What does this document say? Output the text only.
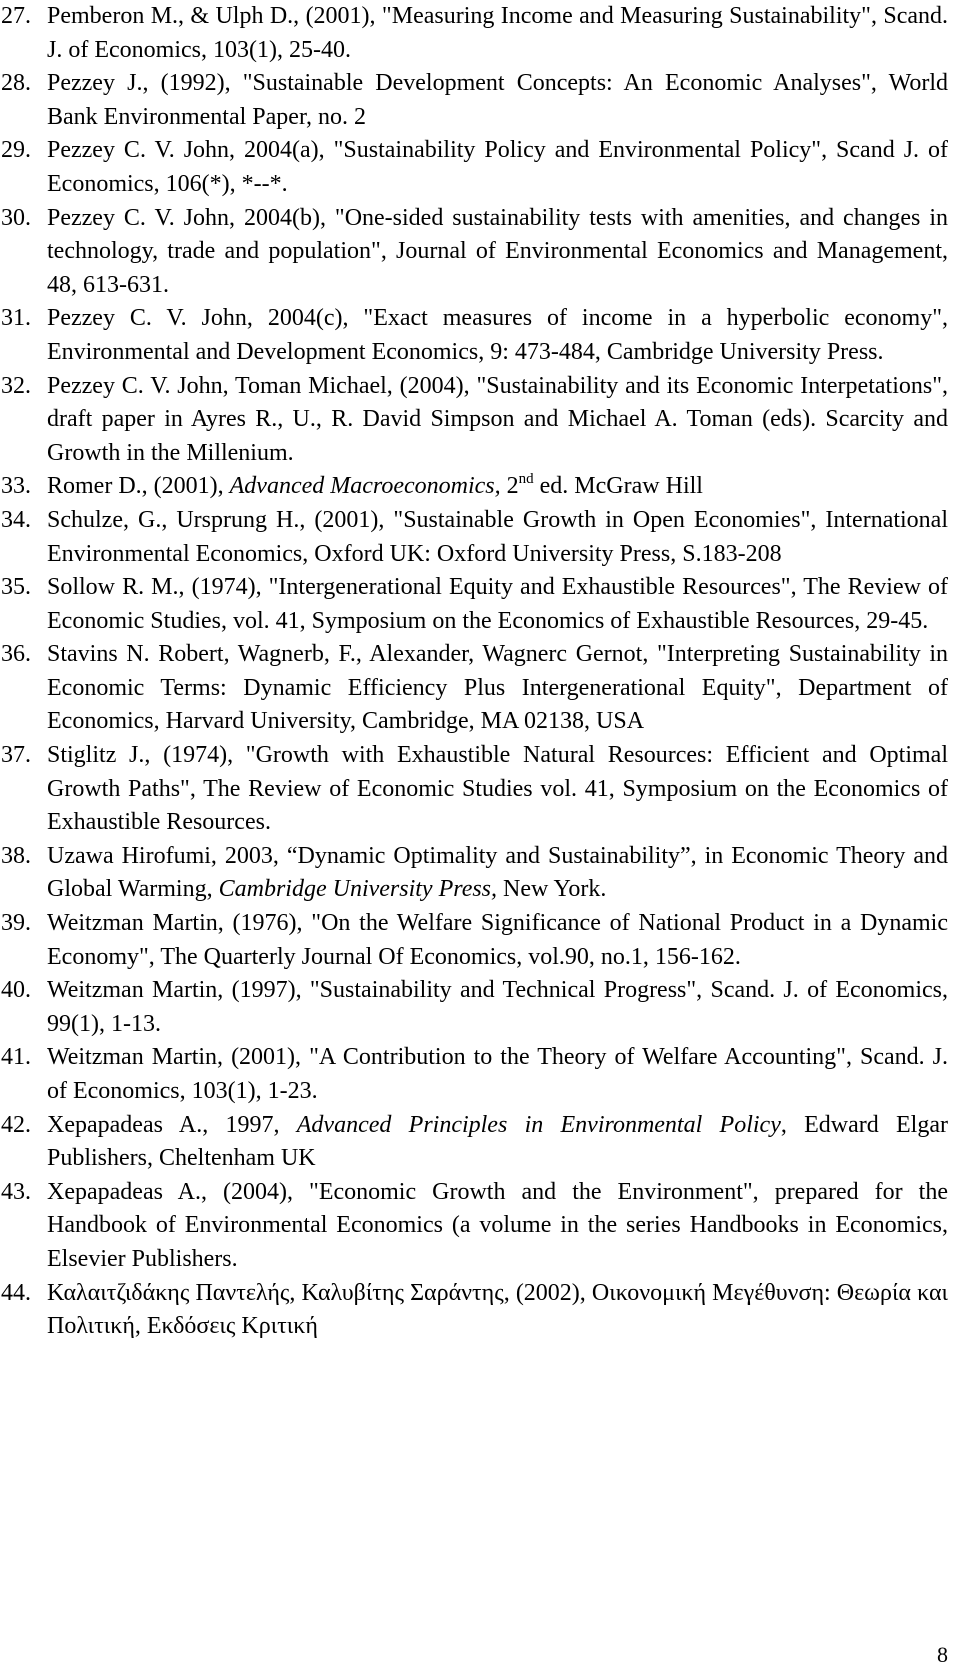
27. Pemberon M., & Ulph D., (2001), "Measuring Income and Measuring Sustainability", Scand. J. of Economics, 103(1), 25-40.
28. Pezzey J., (1992), "Sustainable Development Concepts: An Economic Analyses", World Bank Environmental Paper, no. 2
29. Pezzey C. V. John, 2004(a), "Sustainability Policy and Environmental Policy", Scand J. of Economics, 106(*), *--*.
30. Pezzey C. V. John, 2004(b), "One-sided sustainability tests with amenities, and changes in technology, trade and population", Journal of Environmental Economics and Management, 48, 613-631.
31. Pezzey C. V. John, 2004(c), "Exact measures of income in a hyperbolic economy", Environmental and Development Economics, 9: 473-484, Cambridge University Press.
32. Pezzey C. V. John, Toman Michael, (2004), "Sustainability and its Economic Interpetations", draft paper in Ayres R., U., R. David Simpson and Michael A. Toman (eds). Scarcity and Growth in the Millenium.
33. Romer D., (2001), Advanced Macroeconomics, 2nd ed. McGraw Hill
34. Schulze, G., Ursprung H., (2001), "Sustainable Growth in Open Economies", International Environmental Economics, Oxford UK: Oxford University Press, S.183-208
35. Sollow R. M., (1974), "Intergenerational Equity and Exhaustible Resources", The Review of Economic Studies, vol. 41, Symposium on the Economics of Exhaustible Resources, 29-45.
36. Stavins N. Robert, Wagnerb, F., Alexander, Wagnerc Gernot, "Interpreting Sustainability in Economic Terms: Dynamic Efficiency Plus Intergenerational Equity", Department of Economics, Harvard University, Cambridge, MA 02138, USA
37. Stiglitz J., (1974), "Growth with Exhaustible Natural Resources: Efficient and Optimal Growth Paths", The Review of Economic Studies vol. 41, Symposium on the Economics of Exhaustible Resources.
38. Uzawa Hirofumi, 2003, “Dynamic Optimality and Sustainability”, in Economic Theory and Global Warming, Cambridge University Press, New York.
39. Weitzman Martin, (1976), "On the Welfare Significance of National Product in a Dynamic Economy", The Quarterly Journal Of Economics, vol.90, no.1, 156-162.
40. Weitzman Martin, (1997), "Sustainability and Technical Progress", Scand. J. of Economics, 99(1), 1-13.
41. Weitzman Martin, (2001), "A Contribution to the Theory of Welfare Accounting", Scand. J. of Economics, 103(1), 1-23.
42. Xepapadeas A., 1997, Advanced Principles in Environmental Policy, Edward Elgar Publishers, Cheltenham UK
43. Xepapadeas A., (2004), "Economic Growth and the Environment", prepared for the Handbook of Environmental Economics (a volume in the series Handbooks in Economics, Elsevier Publishers.
44. Καλαιτζιδάκης Παντελής, Καλυβίτης Σαράντης, (2002), Οικονομική Μεγέθυνση: Θεωρία και Πολιτική, Εκδόσεις Κριτική
8
